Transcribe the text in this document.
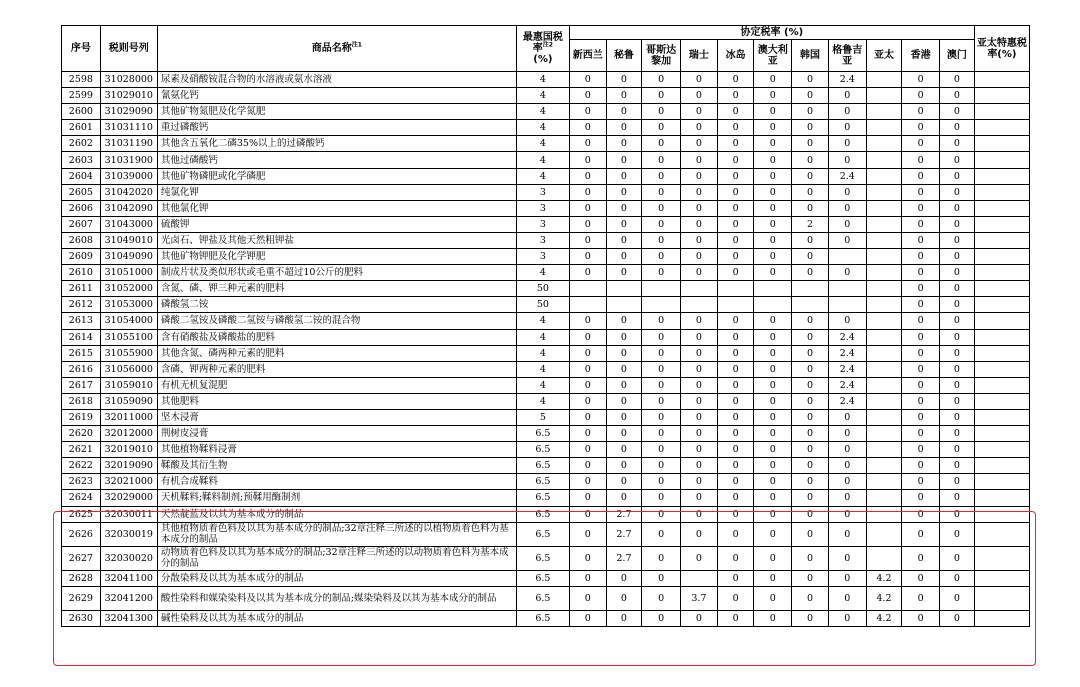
序号	税则号列	商品名称$^{注1}$	最惠国税率$^{注2}$
(%)	协定税率 (%)											亚太特惠税率(%)
				新西兰	秘鲁	哥斯达黎加	瑞士	冰岛	澳大利亚	韩国	格鲁吉亚	亚太	香港	澳门	
2598	31028000	尿素及硝酸铵混合物的水溶液或氨水溶液	4	0	0	0	0	0	0	0	2.4		0	0	
2599	31029010	氰氨化钙	4	0	0	0	0	0	0	0	0		0	0	
2600	31029090	其他矿物氮肥及化学氮肥	4	0	0	0	0	0	0	0	0		0	0	
2601	31031110	重过磷酸钙	4	0	0	0	0	0	0	0	0		0	0	
2602	31031190	其他含五氧化二磷35%以上的过磷酸钙	4	0	0	0	0	0	0	0	0		0	0	
2603	31031900	其他过磷酸钙	4	0	0	0	0	0	0	0	0		0	0	
2604	31039000	其他矿物磷肥或化学磷肥	4	0	0	0	0	0	0	0	2.4		0	0	
2605	31042020	纯氯化钾	3	0	0	0	0	0	0	0	0		0	0	
2606	31042090	其他氯化钾	3	0	0	0	0	0	0	0	0		0	0	
2607	31043000	硫酸钾	3	0	0	0	0	0	0	2	0		0	0	
2608	31049010	光卤石、钾盐及其他天然粗钾盐	3	0	0	0	0	0	0	0	0		0	0	
2609	31049090	其他矿物钾肥及化学钾肥	3	0	0	0	0	0	0	0			0	0	
2610	31051000	制成片状及类似形状或毛重不超过10公斤的肥料	4	0	0	0	0	0	0	0	0		0	0	
2611	31052000	含氮、磷、钾三种元素的肥料	50										0	0	
2612	31053000	磷酸氢二铵	50										0	0	
2613	31054000	磷酸二氢铵及磷酸二氢铵与磷酸氢二铵的混合物	4	0	0	0	0	0	0	0	0		0	0	
2614	31055100	含有硝酸盐及磷酸盐的肥料	4	0	0	0	0	0	0	0	2.4		0	0	
2615	31055900	其他含氮、磷两种元素的肥料	4	0	0	0	0	0	0	0	2.4		0	0	
2616	31056000	含磷、钾两种元素的肥料	4	0	0	0	0	0	0	0	2.4		0	0	
2617	31059010	有机无机复混肥	4	0	0	0	0	0	0	0	2.4		0	0	
2618	31059090	其他肥料	4	0	0	0	0	0	0	0	2.4		0	0	
2619	32011000	坚木浸膏	5	0	0	0	0	0	0	0	0		0	0	
2620	32012000	荆树皮浸膏	6.5	0	0	0	0	0	0	0	0		0	0	
2621	32019010	其他植物鞣料浸膏	6.5	0	0	0	0	0	0	0	0		0	0	
2622	32019090	鞣酸及其衍生物	6.5	0	0	0	0	0	0	0	0		0	0	
2623	32021000	有机合成鞣料	6.5	0	0	0	0	0	0	0	0		0	0	
2624	32029000	天机鞣料;鞣料制剂;预鞣用酶制剂	6.5	0	0	0	0	0	0	0	0		0	0	
2625	32030011	天然靛蓝及以其为基本成分的制品	6.5	0	2.7	0	0	0	0	0	0		0	0	
2626	32030019	其他植物质着色料及以其为基本成分的制品;32章注释三所述的以植物质着色料为基本成分的制品	6.5	0	2.7	0	0	0	0	0	0		0	0	
2627	32030020	动物质着色料及以其为基本成分的制品;32章注释三所述的以动物质着色料为基本成分的制品	6.5	0	2.7	0	0	0	0	0	0		0	0	
2628	32041100	分散染料及以其为基本成分的制品	6.5	0	0	0		0	0	0	0	4.2	0	0	
2629	32041200	酸性染料和媒染染料及以其为基本成分的制品;媒染染料及以其为基本成分的制品	6.5	0	0	0	3.7	0	0	0	0	4.2	0	0	
2630	32041300	碱性染料及以其为基本成分的制品	6.5	0	0	0	0	0	0	0	0	4.2	0	0	
